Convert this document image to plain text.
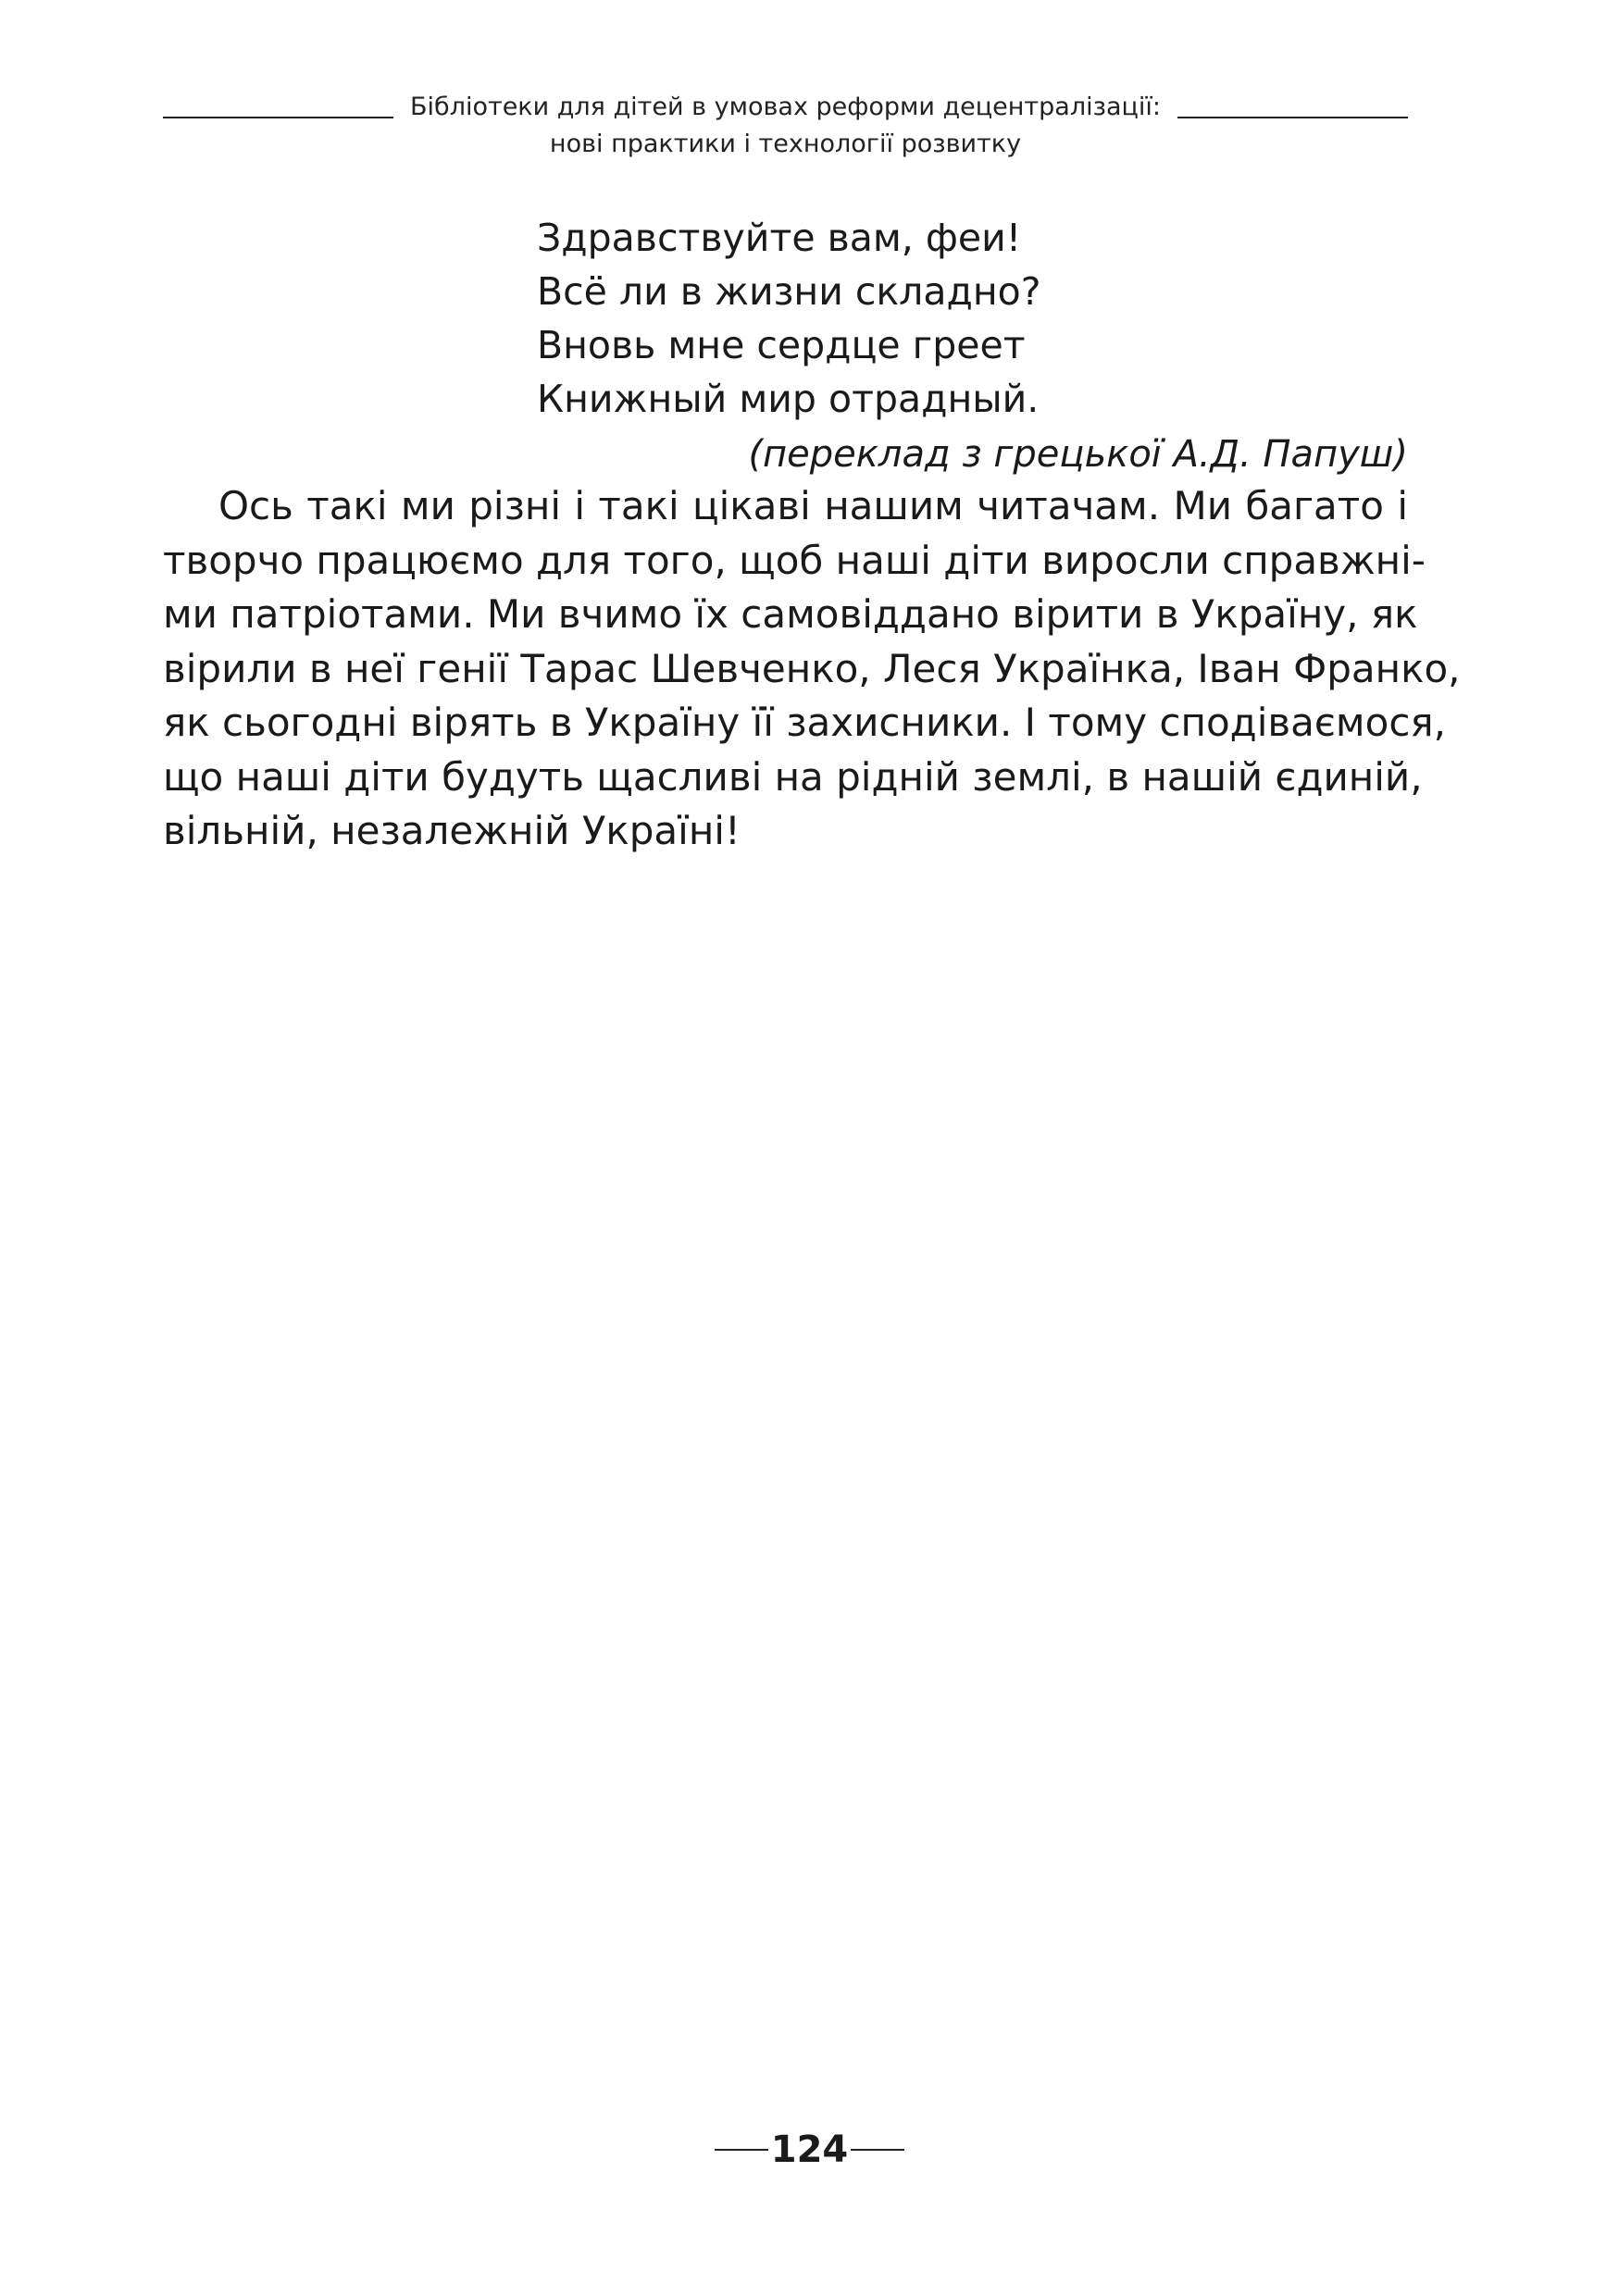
Бібліотеки для дітей в умовах реформи децентралізації:
нові практики і технології розвитку
Здравствуйте вам, феи!
Всё ли в жизни складно?
Вновь мне сердце греет
Книжный мир отрадный.
(переклад з грецької А.Д. Папуш)
Ось такі ми різні і такі цікаві нашим читачам. Ми багато і
творчо працюємо для того, щоб наші діти виросли справжні-
ми патріотами. Ми вчимо їх самовіддано вірити в Україну, як
вірили в неї генії Тарас Шевченко, Леся Українка, Іван Франко,
як сьогодні вірять в Україну її захисники. І тому сподіваємося,
що наші діти будуть щасливі на рідній землі, в нашій єдиній,
вільній, незалежній Україні!
124
